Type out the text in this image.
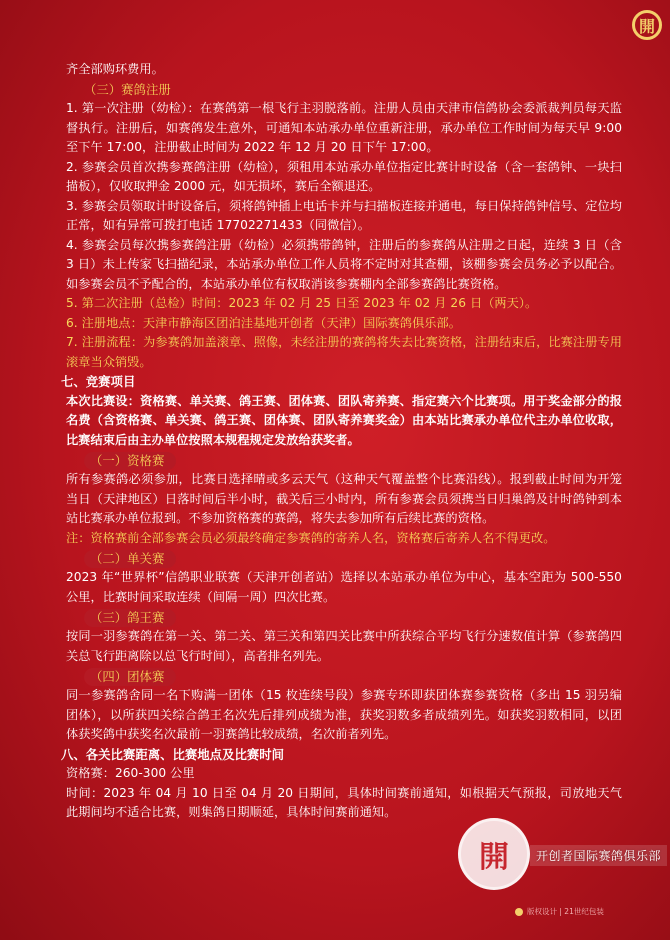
開

齐全部购环费用。

（三）赛鸽注册

1. 第一次注册（幼检）：在赛鸽第一根飞行主羽脱落前。注册人员由天津市信鸽协会委派裁判员每天监督执行。注册后，如赛鸽发生意外，可通知本站承办单位重新注册，承办单位工作时间为每天早 9:00 至下午 17:00，注册截止时间为 2022 年 12 月 20 日下午 17:00。

2. 参赛会员首次携参赛鸽注册（幼检），须租用本站承办单位指定比赛计时设备（含一套鸽钟、一块扫描板），仅收取押金 2000 元，如无损坏，赛后全额退还。

3. 参赛会员领取计时设备后，须将鸽钟插上电话卡并与扫描板连接并通电，每日保持鸽钟信号、定位均正常，如有异常可拨打电话 17702271433（同微信）。

4. 参赛会员每次携参赛鸽注册（幼检）必须携带鸽钟，注册后的参赛鸽从注册之日起，连续 3 日（含 3 日）未上传家飞扫描纪录，本站承办单位工作人员将不定时对其查棚，该棚参赛会员务必予以配合。如参赛会员不予配合的，本站承办单位有权取消该参赛棚内全部参赛鸽比赛资格。

5. 第二次注册（总检）时间：2023 年 02 月 25 日至 2023 年 02 月 26 日（两天）。

6. 注册地点：天津市静海区团泊洼基地开创者（天津）国际赛鸽俱乐部。

7. 注册流程：为参赛鸽加盖滚章、照像，未经注册的赛鸽将失去比赛资格，注册结束后，比赛注册专用滚章当众销毁。

七、竞赛项目

本次比赛设：资格赛、单关赛、鸽王赛、团体赛、团队寄养赛、指定赛六个比赛项。用于奖金部分的报名费（含资格赛、单关赛、鸽王赛、团体赛、团队寄养赛奖金）由本站比赛承办单位代主办单位收取，比赛结束后由主办单位按照本规程规定发放给获奖者。

（一）资格赛

所有参赛鸽必须参加，比赛日选择晴或多云天气（这种天气覆盖整个比赛沿线）。报到截止时间为开笼当日（天津地区）日落时间后半小时，截关后三小时内，所有参赛会员须携当日归巢鸽及计时鸽钟到本站比赛承办单位报到。不参加资格赛的赛鸽，将失去参加所有后续比赛的资格。

注：资格赛前全部参赛会员必须最终确定参赛鸽的寄养人名，资格赛后寄养人名不得更改。

（二）单关赛

2023 年“世界杯”信鸽职业联赛（天津开创者站）选择以本站承办单位为中心，基本空距为 500-550 公里，比赛时间采取连续（间隔一周）四次比赛。

（三）鸽王赛

按同一羽参赛鸽在第一关、第二关、第三关和第四关比赛中所获综合平均飞行分速数值计算（参赛鸽四关总飞行距离除以总飞行时间），高者排名列先。

（四）团体赛

同一参赛鸽舍同一名下购满一团体（15 枚连续号段）参赛专环即获团体赛参赛资格（多出 15 羽另编团体），以所获四关综合鸽王名次先后排列成绩为准，获奖羽数多者成绩列先。如获奖羽数相同，以团体获奖鸽中获奖名次最前一羽赛鸽比较成绩，名次前者列先。

八、各关比赛距离、比赛地点及比赛时间

资格赛：260-300 公里

时间：2023 年 04 月 10 日至 04 月 20 日期间，具体时间赛前通知，如根据天气预报，司放地天气此期间均不适合比赛，则集鸽日期顺延，具体时间赛前通知。

開	开创者国际赛鸽俱乐部
版权设计 | 21世纪包装
